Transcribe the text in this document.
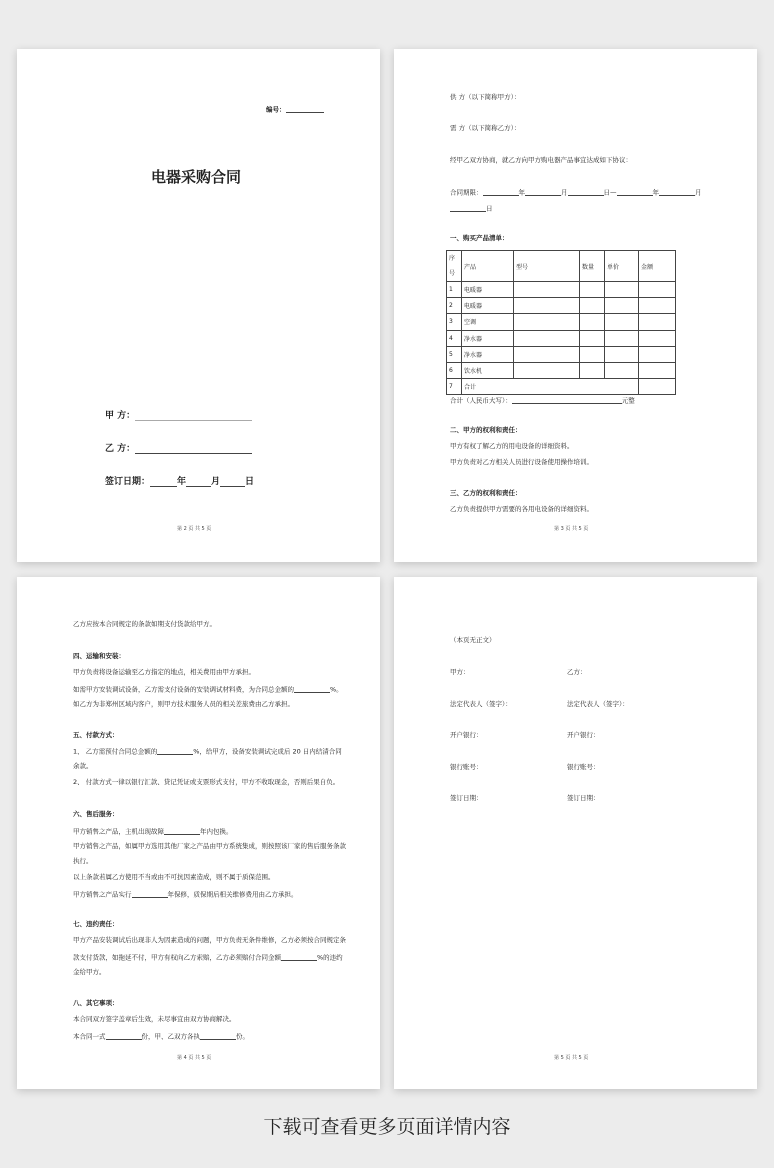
编号：
电器采购合同
甲 方：
乙 方：
签订日期：	年	月	日
第 2 页 共 5 页
供 方（以下简称甲方）：
需 方（以下简称乙方）：
经甲乙双方协商，就乙方向甲方购电器产品事宜达成如下协议：
合同期限：	年	月	日—	年	月
日
一、购买产品清单：
序
号	产品	型号	数量	单价	金额
1	电暖器				
2	电暖器				
3	空调				
4	净水器				
5	净水器				
6	饮水机				
7	合计				
合计（人民币大写）：	元整
二、甲方的权利和责任：
甲方有权了解乙方的用电设备的详细资料。
甲方负责对乙方相关人员进行设备使用操作培训。
三、乙方的权利和责任：
乙方负责提供甲方需要的各用电设备的详细资料。
第 3 页 共 5 页
乙方应按本合同规定的条款如期支付货款给甲方。
四、运输和安装：
甲方负责将设备运输至乙方指定的地点，相关费用由甲方承担。
如需甲方安装调试设备，乙方需支付设备的安装调试材料费，为合同总金额的	%。
如乙方为非郑州区域内客户，则甲方技术服务人员的相关差旅费由乙方承担。
五、付款方式：
1、 乙方需预付合同总金额的	%，给甲方，设备安装调试完成后 20 日内结清合同
余款。
2、 付款方式一律以银行汇款、贷记凭证或支票形式支付，甲方不收取现金，否则后果自负。
六、售后服务：
甲方销售之产品，主机出现故障	年内包换。
甲方销售之产品，如属甲方选用其他厂家之产品由甲方系统集成，则按照该厂家的售后服务条款
执行。
以上条款若属乙方使用不当或由不可抗因素造成，则不属于质保范围。
甲方销售之产品实行	年保修，质保期后相关维修费用由乙方承担。
七、违约责任：
甲方产品安装调试后出现非人为因素造成的问题，甲方负责无条件维修，乙方必须按合同规定条
款支付货款，如拖延不付，甲方有权向乙方索赔，乙方必须赔付合同金额	%的违约
金给甲方。
八、其它事项：
本合同双方签字盖章后生效，未尽事宜由双方协商解决。
本合同一式	份，甲、乙双方各执	份。
第 4 页 共 5 页
（本页无正文）
甲方：	乙方：
法定代表人（签字）：	法定代表人（签字）：
开户银行：	开户银行：
银行账号：	银行账号：
签订日期：	签订日期：
第 5 页 共 5 页
下载可查看更多页面详情内容
